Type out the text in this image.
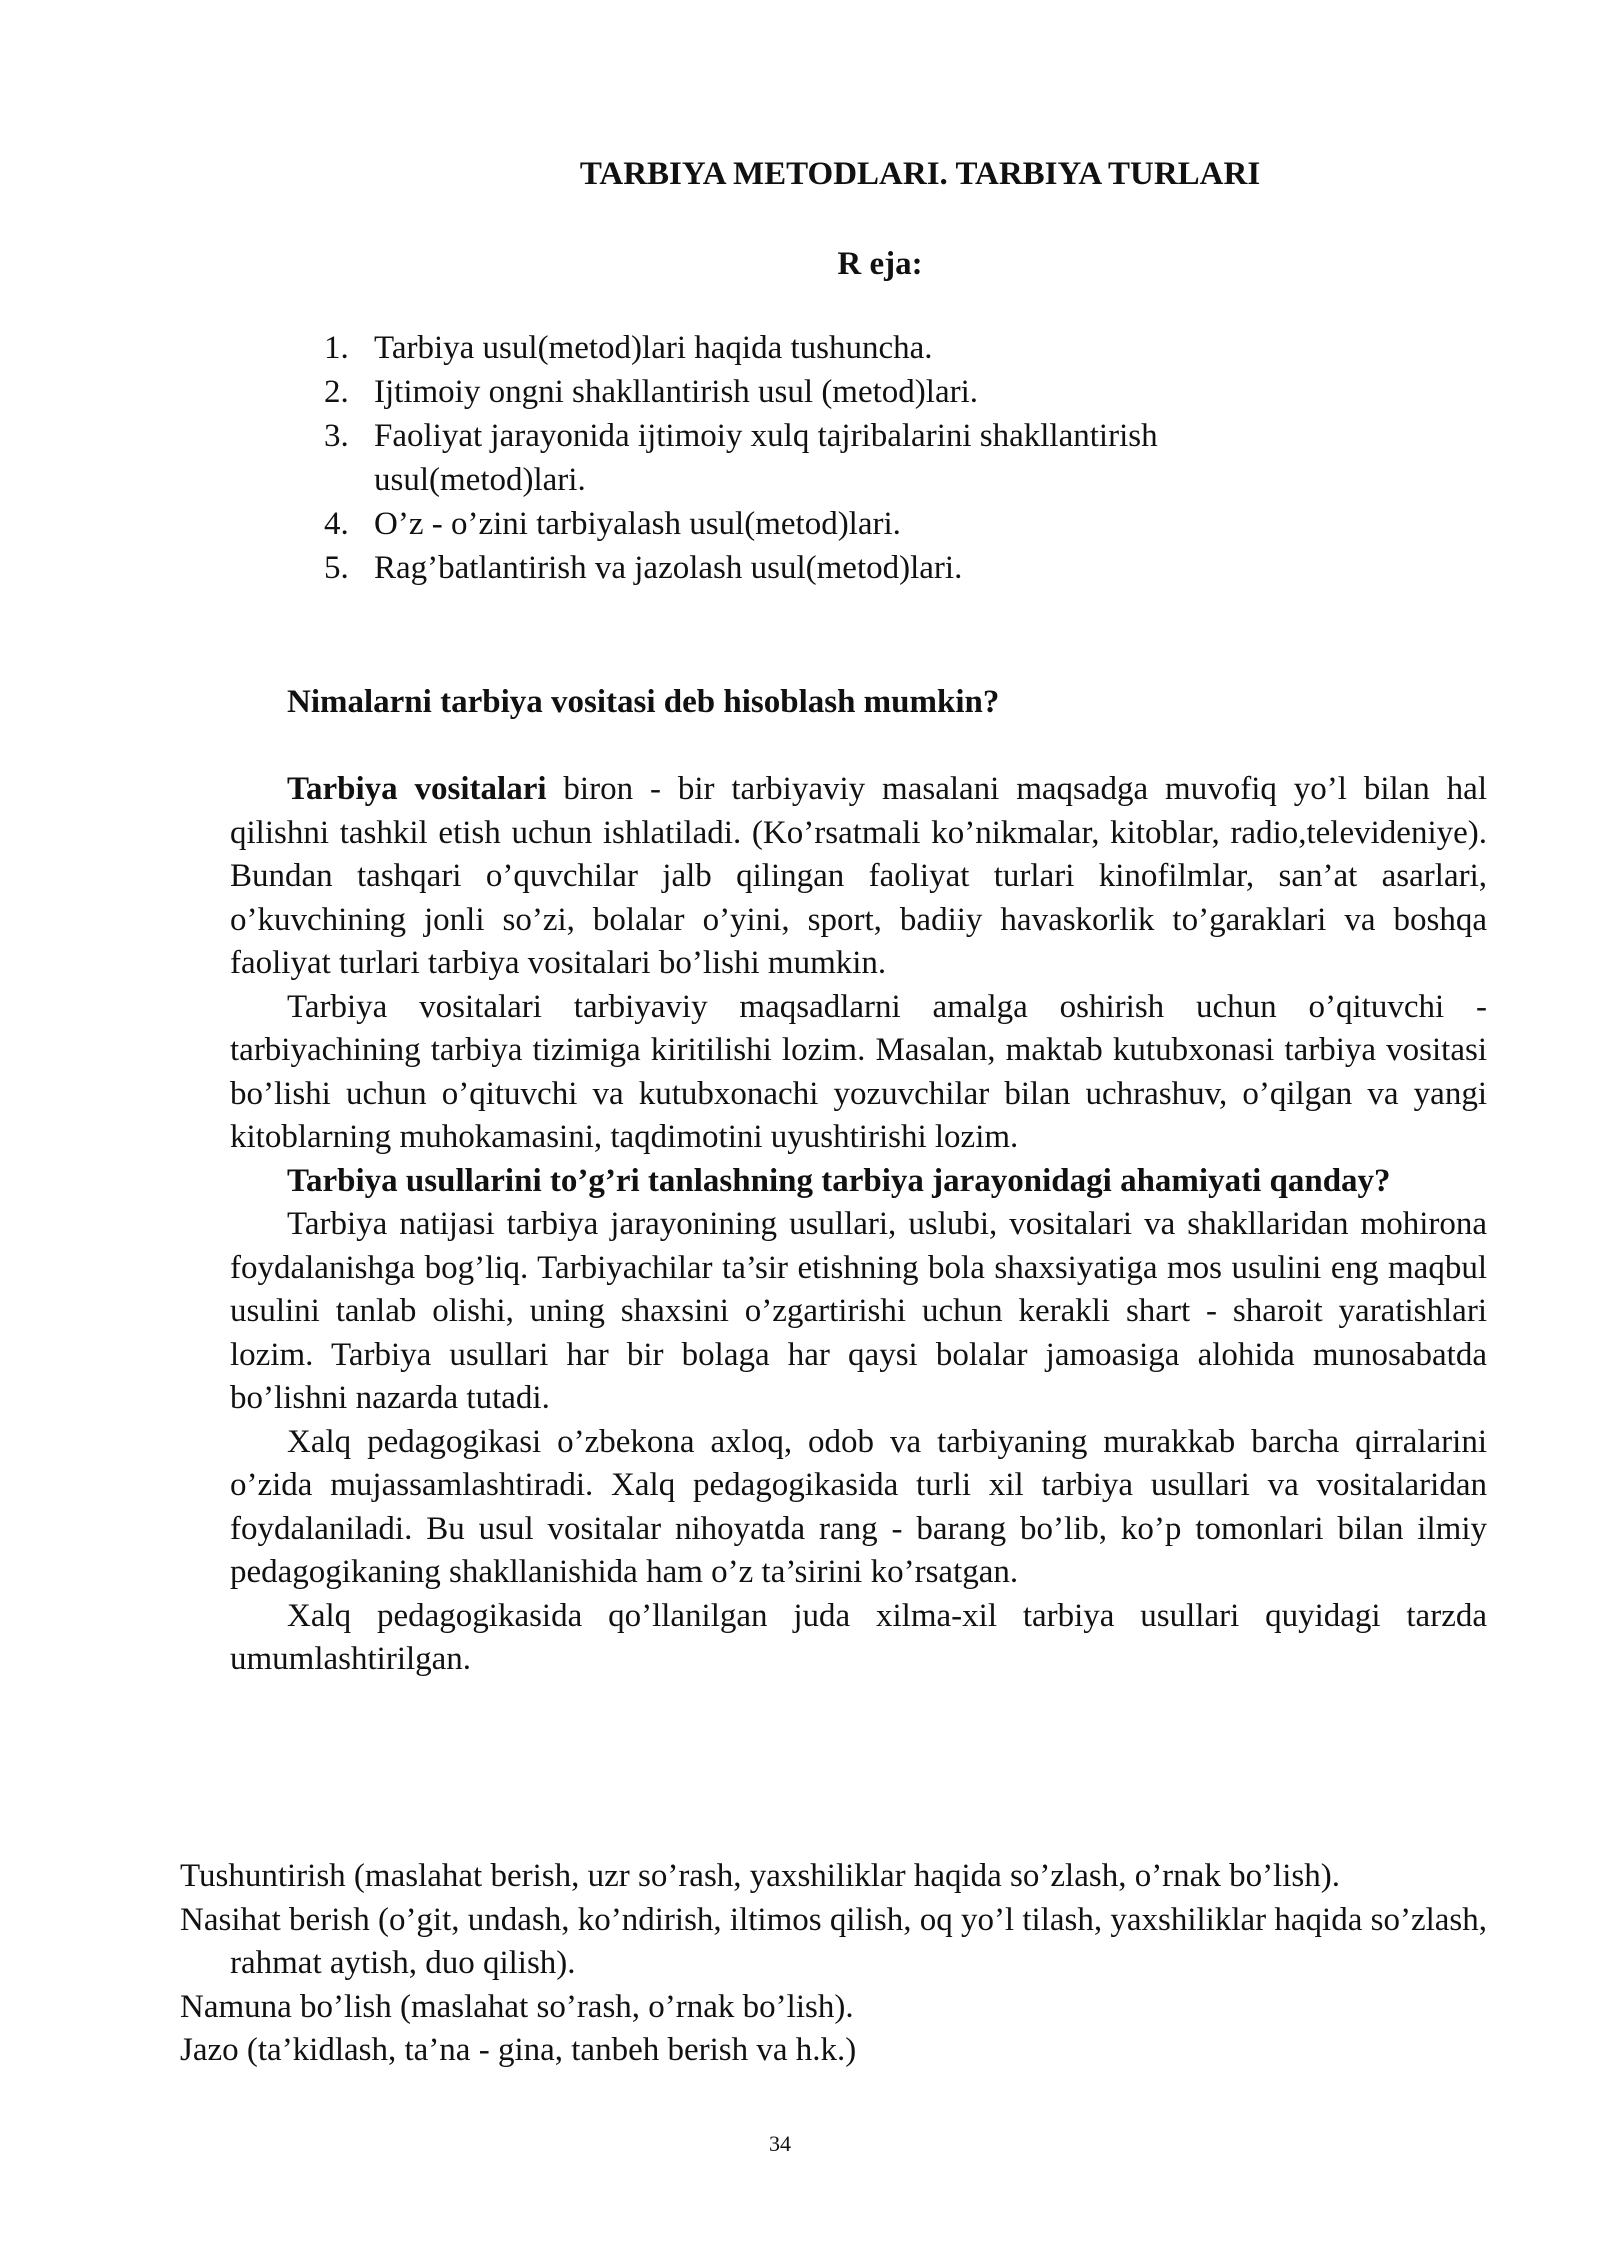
TARBIYA METODLARI. TARBIYA TURLARI
R eja:
1. Tarbiya usul(metod)lari haqida tushuncha.
2. Ijtimoiy ongni shakllantirish usul (metod)lari.
3. Faoliyat jarayonida ijtimoiy xulq tajribalarini shakllantirish usul(metod)lari.
4. O’z - o’zini tarbiyalash usul(metod)lari.
5. Rag’batlantirish va jazolash usul(metod)lari.
Nimalarni tarbiya vositasi deb hisoblash mumkin?

Tarbiya vositalari biron - bir tarbiyaviy masalani maqsadga muvofiq yo’l bilan hal qilishni tashkil etish uchun ishlatiladi. (Ko’rsatmali ko’nikmalar, kitoblar, radio,televideniye). Bundan tashqari o’quvchilar jalb qilingan faoliyat turlari kinofilmlar, san’at asarlari, o’kuvchining jonli so’zi, bolalar o’yini, sport, badiiy havaskorlik to’garaklari va boshqa faoliyat turlari tarbiya vositalari bo’lishi mumkin.

Tarbiya vositalari tarbiyaviy maqsadlarni amalga oshirish uchun o’qituvchi - tarbiyachining tarbiya tizimiga kiritilishi lozim. Masalan, maktab kutubxonasi tarbiya vositasi bo’lishi uchun o’qituvchi va kutubxonachi yozuvchilar bilan uchrashuv, o’qilgan va yangi kitoblarning muhokamasini, taqdimotini uyushtirishi lozim.

Tarbiya usullarini to’g’ri tanlashning tarbiya jarayonidagi ahamiyati qanday?

Tarbiya natijasi tarbiya jarayonining usullari, uslubi, vositalari va shakllaridan mohirona foydalanishga bog’liq. Tarbiyachilar ta’sir etishning bola shaxsiyatiga mos usulini eng maqbul usulini tanlab olishi, uning shaxsini o’zgartirishi uchun kerakli shart - sharoit yaratishlari lozim. Tarbiya usullari har bir bolaga har qaysi bolalar jamoasiga alohida munosabatda bo’lishni nazarda tutadi.

Xalq pedagogikasi o’zbekona axloq, odob va tarbiyaning murakkab barcha qirralarini o’zida mujassamlashtiradi. Xalq pedagogikasida turli xil tarbiya usullari va vositalaridan foydalaniladi. Bu usul vositalar nihoyatda rang - barang bo’lib, ko’p tomonlari bilan ilmiy pedagogikaning shakllanishida ham o’z ta’sirini ko’rsatgan.

Xalq pedagogikasida qo’llanilgan juda xilma-xil tarbiya usullari quyidagi tarzda umumlashtirilgan.

Tushuntirish (maslahat berish, uzr so’rash, yaxshiliklar haqida so’zlash, o’rnak bo’lish).

Nasihat berish (o’git, undash, ko’ndirish, iltimos qilish, oq yo’l tilash, yaxshiliklar haqida so’zlash, rahmat aytish, duo qilish).

Namuna bo’lish (maslahat so’rash, o’rnak bo’lish).

Jazo (ta’kidlash, ta’na - gina, tanbeh berish va h.k.)

34
